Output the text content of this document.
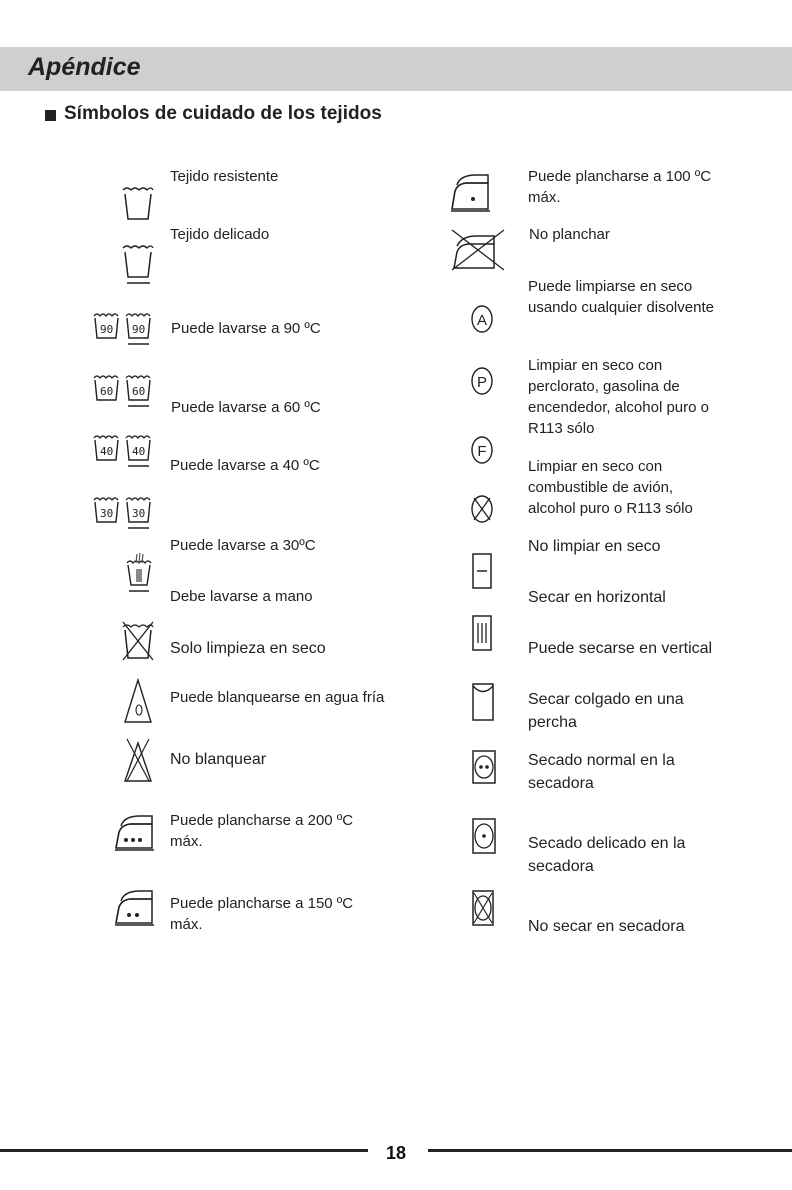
Apéndice
Símbolos de cuidado de los tejidos
90 90
60 60
40 40
30 30
Tejido resistente
Tejido delicado
Puede lavarse a 90 ºC
Puede lavarse a 60 ºC
Puede lavarse a 40 ºC
Puede lavarse a 30ºC
Debe lavarse a mano
Solo limpieza en seco
Puede blanquearse en agua fría
No blanquear
Puede plancharse a 200 ºC
máx.
Puede plancharse a 150 ºC
máx.
A
P
F
Puede plancharse a 100 ºC
máx.
No planchar
Puede limpiarse en seco
usando cualquier disolvente
Limpiar en seco con
perclorato, gasolina de
encendedor, alcohol puro o
R113 sólo
Limpiar en seco con
combustible de avión,
alcohol puro o R113 sólo
No limpiar en seco
Secar en horizontal
Puede secarse en vertical
Secar colgado en una
percha
Secado normal en la
secadora
Secado delicado en la
secadora
No secar en secadora
18
